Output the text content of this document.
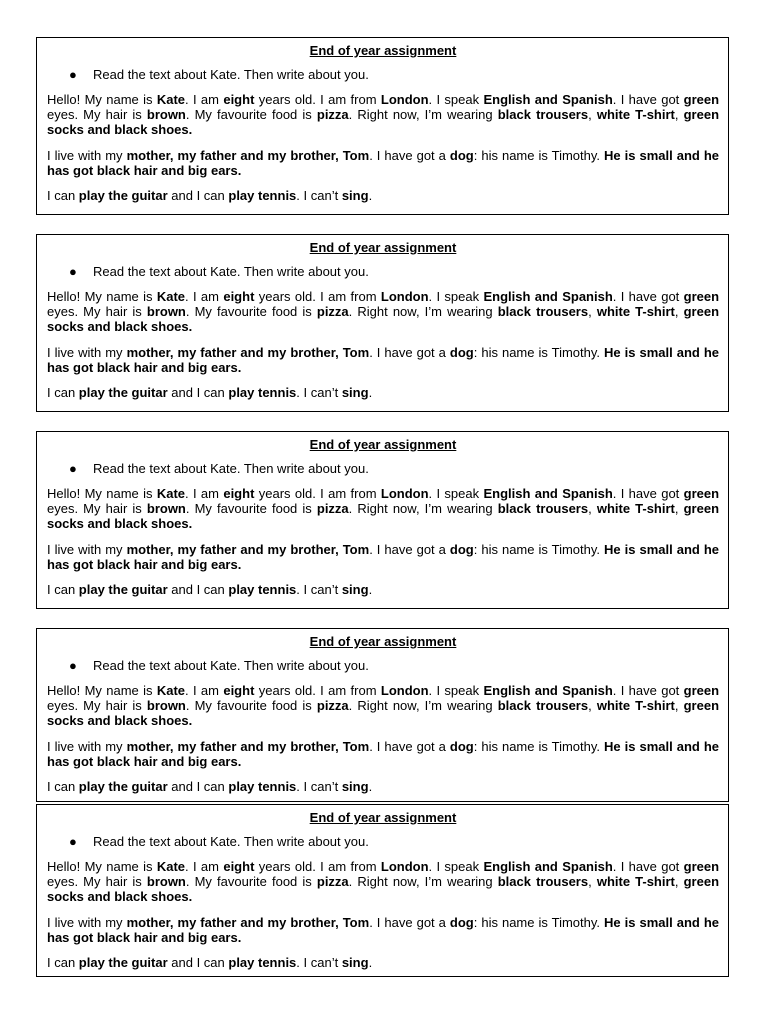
End of year assignment
● Read the text about Kate. Then write about you.

Hello! My name is Kate. I am eight years old. I am from London. I speak English and Spanish. I have got green eyes. My hair is brown. My favourite food is pizza. Right now, I’m wearing black trousers, white T-shirt, green socks and black shoes.

I live with my mother, my father and my brother, Tom. I have got a dog: his name is Timothy. He is small and he has got black hair and big ears.

I can play the guitar and I can play tennis. I can’t sing.

End of year assignment
● Read the text about Kate. Then write about you.

Hello! My name is Kate. I am eight years old. I am from London. I speak English and Spanish. I have got green eyes. My hair is brown. My favourite food is pizza. Right now, I’m wearing black trousers, white T-shirt, green socks and black shoes.

I live with my mother, my father and my brother, Tom. I have got a dog: his name is Timothy. He is small and he has got black hair and big ears.

I can play the guitar and I can play tennis. I can’t sing.

End of year assignment
● Read the text about Kate. Then write about you.

Hello! My name is Kate. I am eight years old. I am from London. I speak English and Spanish. I have got green eyes. My hair is brown. My favourite food is pizza. Right now, I’m wearing black trousers, white T-shirt, green socks and black shoes.

I live with my mother, my father and my brother, Tom. I have got a dog: his name is Timothy. He is small and he has got black hair and big ears.

I can play the guitar and I can play tennis. I can’t sing.

End of year assignment
● Read the text about Kate. Then write about you.

Hello! My name is Kate. I am eight years old. I am from London. I speak English and Spanish. I have got green eyes. My hair is brown. My favourite food is pizza. Right now, I’m wearing black trousers, white T-shirt, green socks and black shoes.

I live with my mother, my father and my brother, Tom. I have got a dog: his name is Timothy. He is small and he has got black hair and big ears.

I can play the guitar and I can play tennis. I can’t sing.

End of year assignment
● Read the text about Kate. Then write about you.

Hello! My name is Kate. I am eight years old. I am from London. I speak English and Spanish. I have got green eyes. My hair is brown. My favourite food is pizza. Right now, I’m wearing black trousers, white T-shirt, green socks and black shoes.

I live with my mother, my father and my brother, Tom. I have got a dog: his name is Timothy. He is small and he has got black hair and big ears.

I can play the guitar and I can play tennis. I can’t sing.
